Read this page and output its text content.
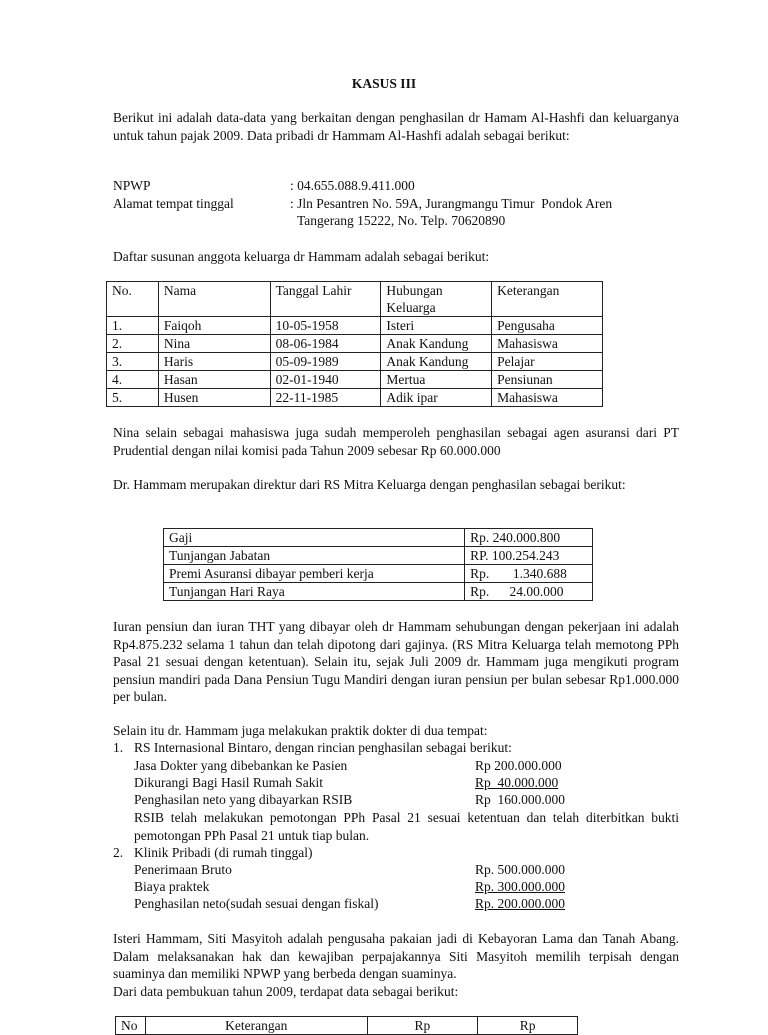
KASUS III
Berikut ini adalah data-data yang berkaitan dengan penghasilan dr Hamam Al-Hashfi dan keluarganya untuk tahun pajak 2009. Data pribadi dr Hammam Al-Hashfi adalah sebagai berikut:
NPWP	: 04.655.088.9.411.000
Alamat tempat tinggal	: Jln Pesantren No. 59A, Jurangmangu Timur  Pondok Aren
Tangerang 15222, No. Telp. 70620890
Daftar susunan anggota keluarga dr Hammam adalah sebagai berikut:
No.	Nama	Tanggal Lahir	Hubungan Keluarga	Keterangan
1.	Faiqoh	10-05-1958	Isteri	Pengusaha
2.	Nina	08-06-1984	Anak Kandung	Mahasiswa
3.	Haris	05-09-1989	Anak Kandung	Pelajar
4.	Hasan	02-01-1940	Mertua	Pensiunan
5.	Husen	22-11-1985	Adik ipar	Mahasiswa
Nina selain sebagai mahasiswa juga sudah memperoleh penghasilan sebagai agen asuransi dari PT Prudential dengan nilai komisi pada Tahun 2009 sebesar Rp 60.000.000
Dr. Hammam merupakan direktur dari RS Mitra Keluarga dengan penghasilan sebagai berikut:
Gaji	Rp. 240.000.800
Tunjangan Jabatan	RP. 100.254.243
Premi Asuransi dibayar pemberi kerja	Rp.       1.340.688
Tunjangan Hari Raya	Rp.      24.00.000
Iuran pensiun dan iuran THT yang dibayar oleh dr Hammam sehubungan dengan pekerjaan ini adalah Rp4.875.232 selama 1 tahun dan telah dipotong dari gajinya. (RS Mitra Keluarga telah memotong PPh Pasal 21 sesuai dengan ketentuan). Selain itu, sejak Juli 2009 dr. Hammam juga mengikuti program pensiun mandiri pada Dana Pensiun Tugu Mandiri dengan iuran pensiun per bulan sebesar Rp1.000.000 per bulan.
Selain itu dr. Hammam juga melakukan praktik dokter di dua tempat:
1. RS Internasional Bintaro, dengan rincian penghasilan sebagai berikut:
Jasa Dokter yang dibebankan ke Pasien	Rp 200.000.000
Dikurangi Bagi Hasil Rumah Sakit	Rp  40.000.000
Penghasilan neto yang dibayarkan RSIB	Rp  160.000.000
RSIB telah melakukan pemotongan PPh Pasal 21 sesuai ketentuan dan telah diterbitkan bukti pemotongan PPh Pasal 21 untuk tiap bulan.
2. Klinik Pribadi (di rumah tinggal)
Penerimaan Bruto	Rp. 500.000.000
Biaya praktek	Rp. 300.000.000
Penghasilan neto(sudah sesuai dengan fiskal)	Rp. 200.000.000
Isteri Hammam, Siti Masyitoh adalah pengusaha pakaian jadi di Kebayoran Lama dan Tanah Abang. Dalam melaksanakan hak dan kewajiban perpajakannya Siti Masyitoh memilih terpisah dengan suaminya dan memiliki NPWP yang berbeda dengan suaminya.
Dari data pembukuan tahun 2009, terdapat data sebagai berikut:
No	Keterangan	Rp	Rp
